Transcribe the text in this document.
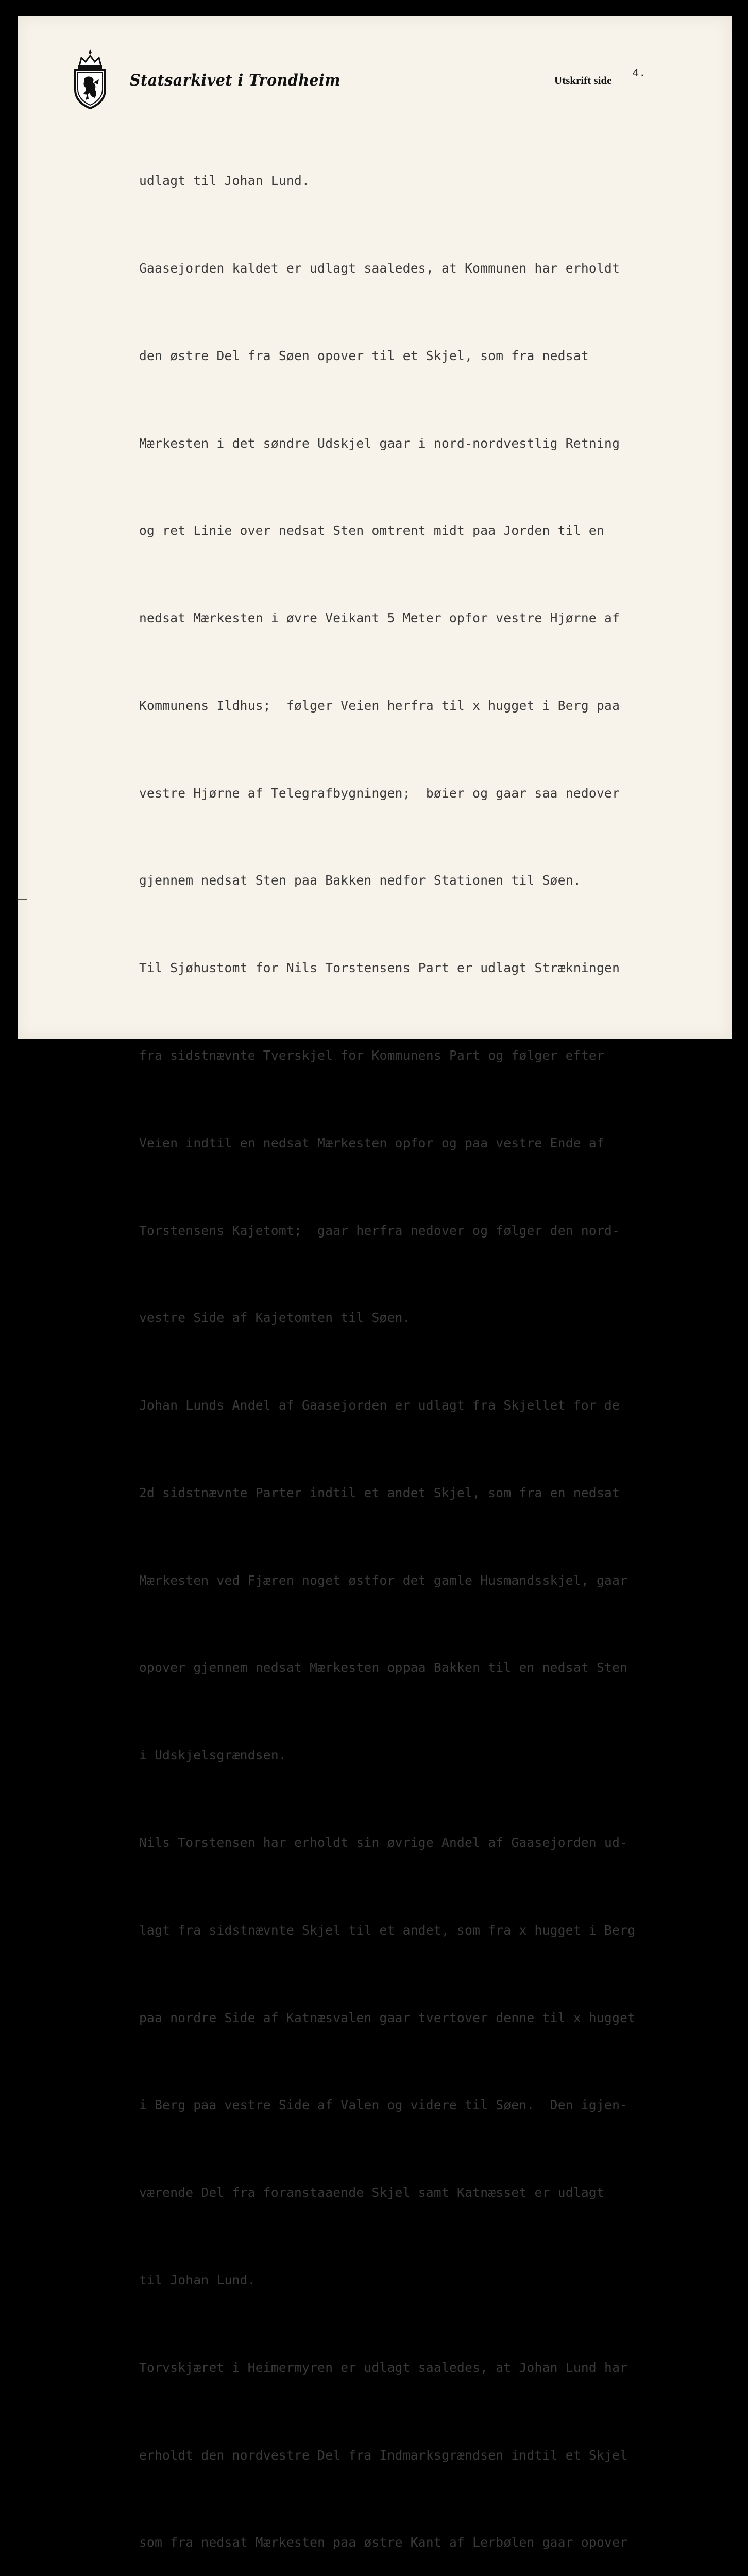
Statsarkivet i Trondheim	Utskrift side
4.

udlagt til Johan Lund.

Gaasejorden kaldet er udlagt saaledes, at Kommunen har erholdt

den østre Del fra Søen opover til et Skjel, som fra nedsat

Mærkesten i det søndre Udskjel gaar i nord-nordvestlig Retning

og ret Linie over nedsat Sten omtrent midt paa Jorden til en

nedsat Mærkesten i øvre Veikant 5 Meter opfor vestre Hjørne af

Kommunens Ildhus;  følger Veien herfra til x hugget i Berg paa

vestre Hjørne af Telegrafbygningen;  bøier og gaar saa nedover

gjennem nedsat Sten paa Bakken nedfor Stationen til Søen.

Til Sjøhustomt for Nils Torstensens Part er udlagt Strækningen

fra sidstnævnte Tverskjel for Kommunens Part og følger efter

Veien indtil en nedsat Mærkesten opfor og paa vestre Ende af

Torstensens Kajetomt;  gaar herfra nedover og følger den nord-

vestre Side af Kajetomten til Søen.

Johan Lunds Andel af Gaasejorden er udlagt fra Skjellet for de

2d sidstnævnte Parter indtil et andet Skjel, som fra en nedsat

Mærkesten ved Fjæren noget østfor det gamle Husmandsskjel, gaar

opover gjennem nedsat Mærkesten oppaa Bakken til en nedsat Sten

i Udskjelsgrændsen.

Nils Torstensen har erholdt sin øvrige Andel af Gaasejorden ud-

lagt fra sidstnævnte Skjel til et andet, som fra x hugget i Berg

paa nordre Side af Katnæsvalen gaar tvertover denne til x hugget

i Berg paa vestre Side af Valen og videre til Søen.  Den igjen-

værende Del fra foranstaaende Skjel samt Katnæsset er udlagt

til Johan Lund.

Torvskjæret i Heimermyren er udlagt saaledes, at Johan Lund har

erholdt den nordvestre Del fra Indmarksgrændsen indtil et Skjel

som fra nedsat Mærkesten paa østre Kant af Lerbølen gaar opover
